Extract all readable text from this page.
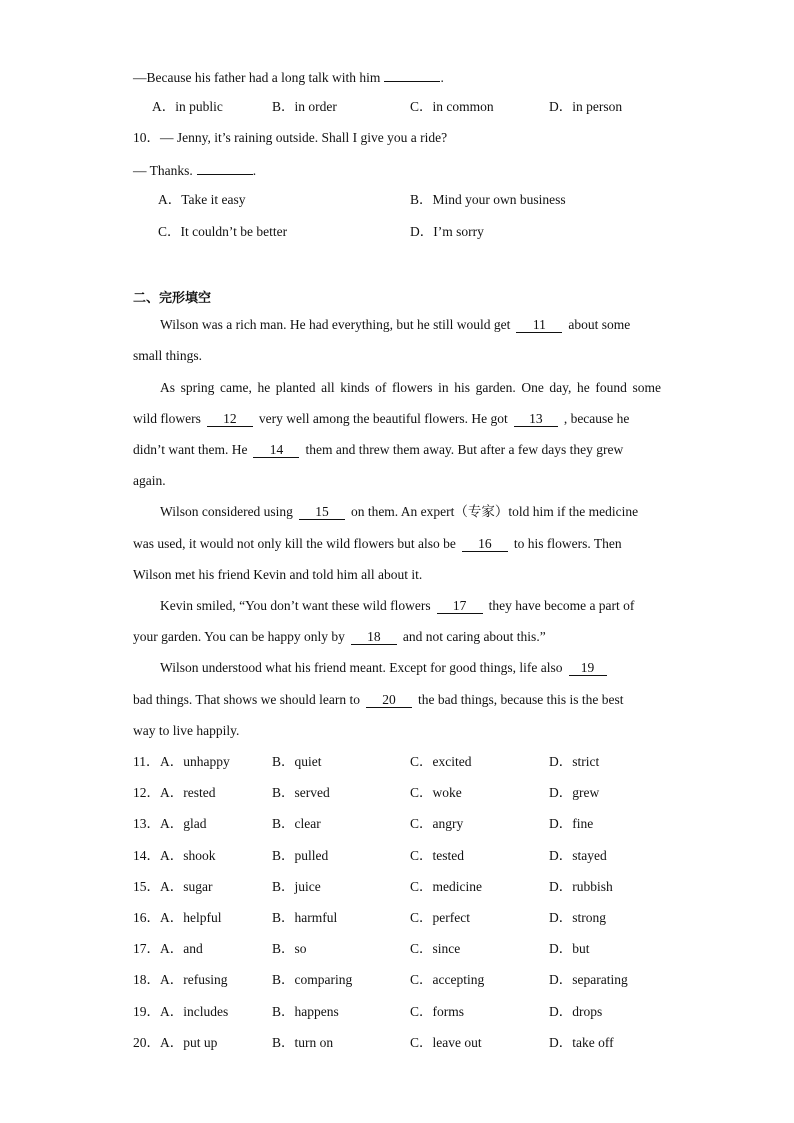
—Because his father had a long talk with him	.
A．in public	B．in order	C．in common	D．in person
10．— Jenny, it’s raining outside. Shall I give you a ride?
— Thanks.	.
A．Take it easy	B．Mind your own business
C．It couldn’t be better	D．I’m sorry
二、完形填空
Wilson was a rich man. He had everything, but he still would get 11 about some
small things.
As spring came, he planted all kinds of flowers in his garden. One day, he found some
wild flowers 12 very well among the beautiful flowers. He got 13 , because he
didn’t want them. He 14 them and threw them away. But after a few days they grew
again.
Wilson considered using 15 on them. An expert（专家）told him if the medicine
was used, it would not only kill the wild flowers but also be 16 to his flowers. Then
Wilson met his friend Kevin and told him all about it.
Kevin smiled, “You don’t want these wild flowers 17 they have become a part of
your garden. You can be happy only by 18 and not caring about this.”
Wilson understood what his friend meant. Except for good things, life also 19
bad things. That shows we should learn to 20 the bad things, because this is the best
way to live happily.
11． A．unhappy	B．quiet	C．excited	D．strict
12． A．rested	B．served	C．woke	D．grew
13． A．glad	B．clear	C．angry	D．fine
14． A．shook	B．pulled	C．tested	D．stayed
15． A．sugar	B．juice	C．medicine	D．rubbish
16． A．helpful	B．harmful	C．perfect	D．strong
17． A．and	B．so	C．since	D．but
18． A．refusing	B．comparing	C．accepting	D．separating
19． A．includes	B．happens	C．forms	D．drops
20． A．put up	B．turn on	C．leave out	D．take off
